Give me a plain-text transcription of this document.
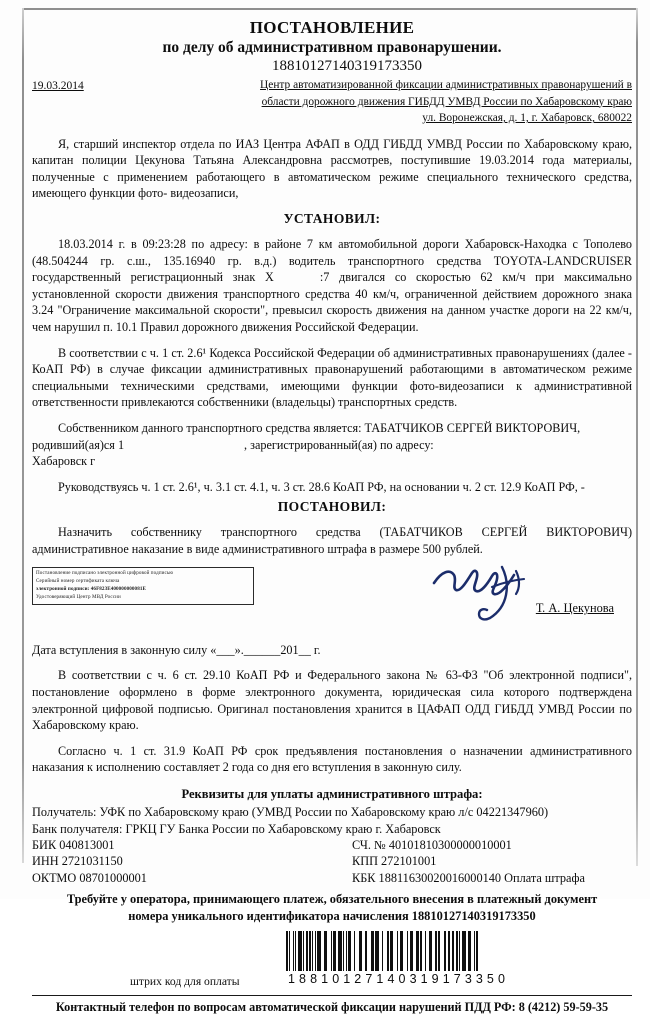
ПОСТАНОВЛЕНИЕ
по делу об административном правонарушении.
18810127140319173350
19.03.2014	Центр автоматизированной фиксации административных правонарушений в
области дорожного движения ГИБДД УМВД России по Хабаровскому краю
ул. Воронежская, д. 1, г. Хабаровск, 680022

Я, старший инспектор отдела по ИАЗ Центра АФАП в ОДД ГИБДД УМВД России по Хабаровскому краю, капитан полиции Цекунова Татьяна Александровна рассмотрев, поступившие 19.03.2014 года материалы, полученные с применением работающего в автоматическом режиме специального технического средства, имеющего функции фото- видеозаписи,

УСТАНОВИЛ:

18.03.2014 г. в 09:23:28 по адресу: в районе 7 км автомобильной дороги Хабаровск-Находка с Тополево (48.504244 гр. с.ш., 135.16940 гр. в.д.) водитель транспортного средства TOYOTA-LANDCRUISER государственный регистрационный знак Х	:7 двигался со скоростью 62 км/ч при максимально установленной скорости движения транспортного средства 40 км/ч, ограниченной действием дорожного знака 3.24 "Ограничение максимальной скорости", превысил скорость движения на данном участке дороги на 22 км/ч, чем нарушил п. 10.1 Правил дорожного движения Российской Федерации.

В соответствии с ч. 1 ст. 2.6¹ Кодекса Российской Федерации об административных правонарушениях (далее - КоАП РФ) в случае фиксации административных правонарушений работающими в автоматическом режиме специальными техническими средствами, имеющими функции фото-видеозаписи к административной ответственности привлекаются собственники (владельцы) транспортных средств.

Собственником данного транспортного средства является: ТАБАТЧИКОВ СЕРГЕЙ ВИКТОРОВИЧ,

родивший(ая)ся 1	, зарегистрированный(ая) по адресу:

Хабаровск г

Руководствуясь ч. 1 ст. 2.6¹, ч. 3.1 ст. 4.1, ч. 3 ст. 28.6 КоАП РФ, на основании ч. 2 ст. 12.9 КоАП РФ, -

ПОСТАНОВИЛ:

Назначить собственнику транспортного средства (ТАБАТЧИКОВ СЕРГЕЙ ВИКТОРОВИЧ) административное наказание в виде административного штрафа в размере 500 рублей.

Постановление подписано электронной цифровой подписью
Серийный номер сертификата ключа
электронной подписи: 46F823E400000000081E
Удостоверяющий Центр МВД России
Т. А. Цекунова
Дата вступления в законную силу «___».______201__ г.

В соответствии с ч. 6 ст. 29.10 КоАП РФ и Федерального закона № 63-ФЗ "Об электронной подписи", постановление оформлено в форме электронного документа, юридическая сила которого подтверждена электронной цифровой подписью. Оригинал постановления хранится в ЦАФАП ОДД ГИБДД УМВД России по Хабаровскому краю.

Согласно ч. 1 ст. 31.9 КоАП РФ срок предъявления постановления о назначении административного наказания к исполнению составляет 2 года со дня его вступления в законную силу.

Реквизиты для уплаты административного штрафа:
Получатель: УФК по Хабаровскому краю (УМВД России по Хабаровскому краю л/с 04221347960)
Банк получателя: ГРКЦ ГУ Банка России по Хабаровскому краю г. Хабаровск
БИК 040813001	СЧ. № 40101810300000010001
ИНН 2721031150	КПП 272101001
ОКТМО 08701000001	КБК 18811630020016000140 Оплата штрафа
Требуйте у оператора, принимающего платеж, обязательного внесения в платежный документ
номера уникального идентификатора начисления 18810127140319173350
штрих код для оплаты	18810127140319173350
Контактный телефон по вопросам автоматической фиксации нарушений ПДД РФ: 8 (4212) 59-59-35
